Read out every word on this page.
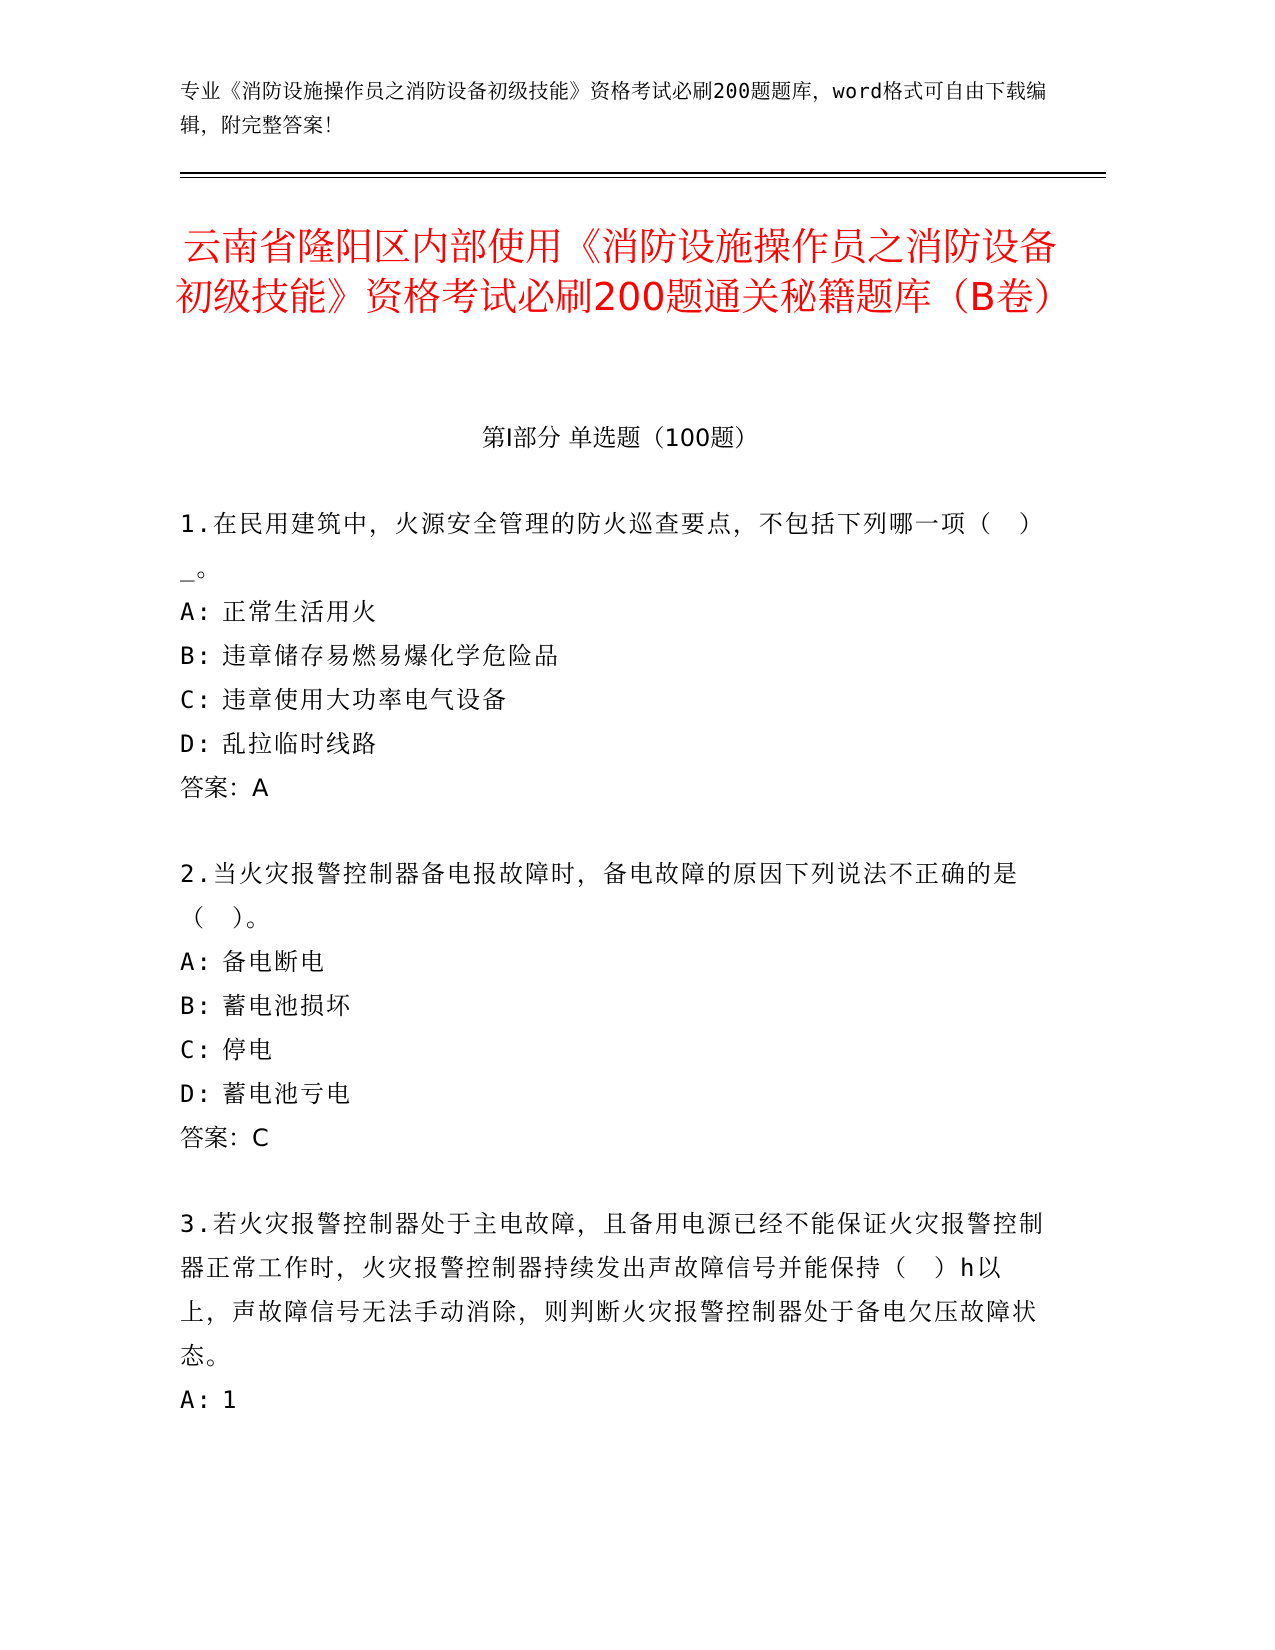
专业《消防设施操作员之消防设备初级技能》资格考试必刷200题题库，word格式可自由下载编辑，附完整答案！
云南省隆阳区内部使用《消防设施操作员之消防设备初级技能》资格考试必刷200题通关秘籍题库（B卷）
第Ⅰ部分 单选题（100题）
1.在民用建筑中，火源安全管理的防火巡查要点，不包括下列哪一项（　）_。
A: 正常生活用火
B: 违章储存易燃易爆化学危险品
C: 违章使用大功率电气设备
D: 乱拉临时线路
答案：A
2.当火灾报警控制器备电报故障时，备电故障的原因下列说法不正确的是（　）。
A: 备电断电
B: 蓄电池损坏
C: 停电
D: 蓄电池亏电
答案：C
3.若火灾报警控制器处于主电故障，且备用电源已经不能保证火灾报警控制器正常工作时，火灾报警控制器持续发出声故障信号并能保持（　）h以上，声故障信号无法手动消除，则判断火灾报警控制器处于备电欠压故障状态。
A: 1
